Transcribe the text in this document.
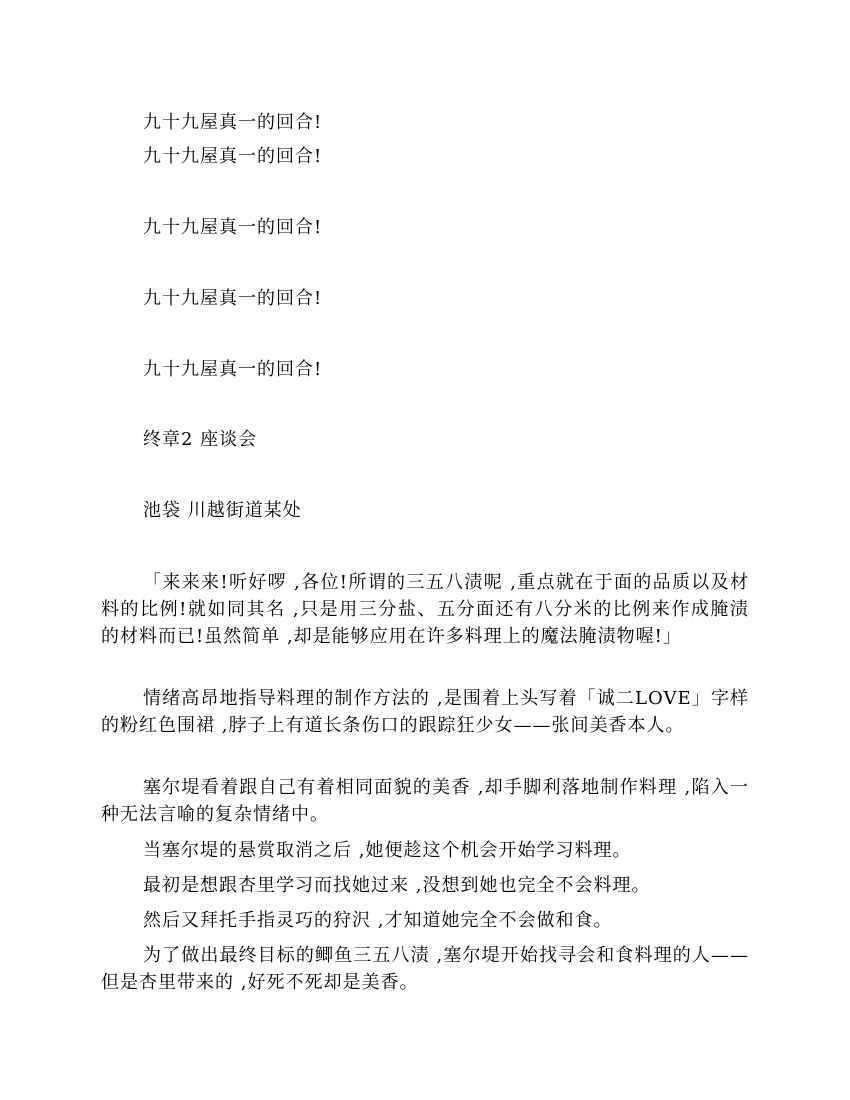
九十九屋真一的回合!
九十九屋真一的回合!
九十九屋真一的回合!
九十九屋真一的回合!
九十九屋真一的回合!
终章2 座谈会
池袋 川越街道某处
「来来来!听好啰 ,各位!所谓的三五八渍呢 ,重点就在于面的品质以及材料的比例!就如同其名 ,只是用三分盐、五分面还有八分米的比例来作成腌渍的材料而已!虽然简单 ,却是能够应用在许多料理上的魔法腌渍物喔!」
情绪高昂地指导料理的制作方法的 ,是围着上头写着「诚二LOVE」字样的粉红色围裙 ,脖子上有道长条伤口的跟踪狂少女——张间美香本人。
塞尔堤看着跟自己有着相同面貌的美香 ,却手脚利落地制作料理 ,陷入一种无法言喻的复杂情绪中。
当塞尔堤的悬赏取消之后 ,她便趁这个机会开始学习料理。
最初是想跟杏里学习而找她过来 ,没想到她也完全不会料理。
然后又拜托手指灵巧的狩沢 ,才知道她完全不会做和食。
为了做出最终目标的鲫鱼三五八渍 ,塞尔堤开始找寻会和食料理的人——但是杏里带来的 ,好死不死却是美香。
